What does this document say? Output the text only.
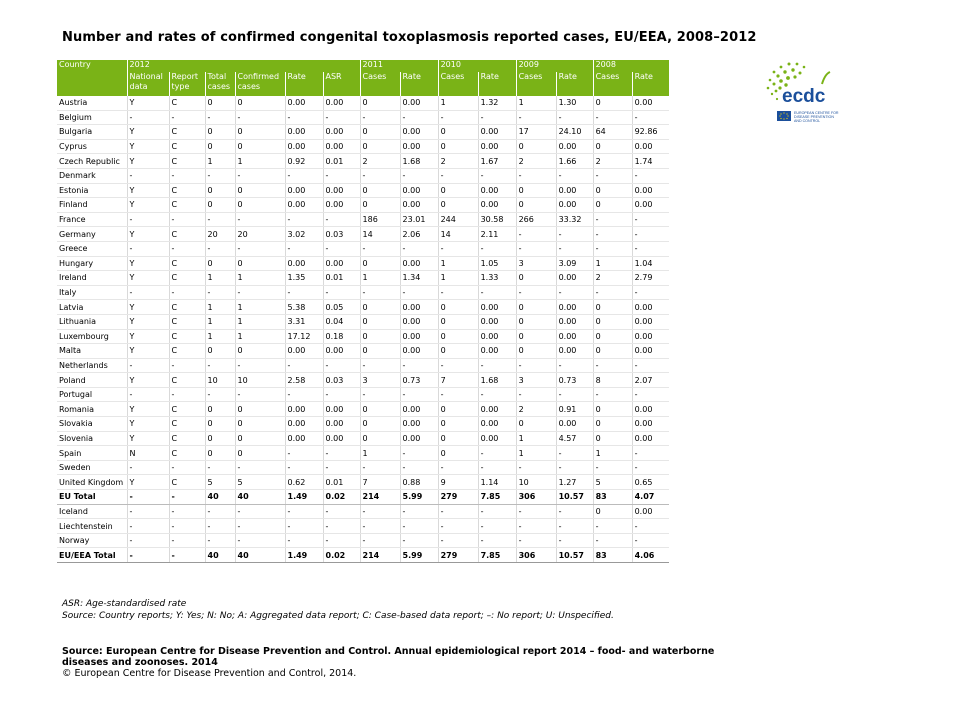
Number and rates of confirmed congenital toxoplasmosis reported cases, EU/EEA, 2008–2012
Country	2012						2011		2010		2009		2008	
	National data	Report type	Total cases	Confirmed cases	Rate	ASR	Cases	Rate	Cases	Rate	Cases	Rate	Cases	Rate
Austria	Y	C	0	0	0.00	0.00	0	0.00	1	1.32	1	1.30	0	0.00
Belgium	-	-	-	-	-	-	-	-	-	-	-	-	-	-
Bulgaria	Y	C	0	0	0.00	0.00	0	0.00	0	0.00	17	24.10	64	92.86
Cyprus	Y	C	0	0	0.00	0.00	0	0.00	0	0.00	0	0.00	0	0.00
Czech Republic	Y	C	1	1	0.92	0.01	2	1.68	2	1.67	2	1.66	2	1.74
Denmark	-	-	-	-	-	-	-	-	-	-	-	-	-	-
Estonia	Y	C	0	0	0.00	0.00	0	0.00	0	0.00	0	0.00	0	0.00
Finland	Y	C	0	0	0.00	0.00	0	0.00	0	0.00	0	0.00	0	0.00
France	-	-	-	-	-	-	186	23.01	244	30.58	266	33.32	-	-
Germany	Y	C	20	20	3.02	0.03	14	2.06	14	2.11	-	-	-	-
Greece	-	-	-	-	-	-	-	-	-	-	-	-	-	-
Hungary	Y	C	0	0	0.00	0.00	0	0.00	1	1.05	3	3.09	1	1.04
Ireland	Y	C	1	1	1.35	0.01	1	1.34	1	1.33	0	0.00	2	2.79
Italy	-	-	-	-	-	-	-	-	-	-	-	-	-	-
Latvia	Y	C	1	1	5.38	0.05	0	0.00	0	0.00	0	0.00	0	0.00
Lithuania	Y	C	1	1	3.31	0.04	0	0.00	0	0.00	0	0.00	0	0.00
Luxembourg	Y	C	1	1	17.12	0.18	0	0.00	0	0.00	0	0.00	0	0.00
Malta	Y	C	0	0	0.00	0.00	0	0.00	0	0.00	0	0.00	0	0.00
Netherlands	-	-	-	-	-	-	-	-	-	-	-	-	-	-
Poland	Y	C	10	10	2.58	0.03	3	0.73	7	1.68	3	0.73	8	2.07
Portugal	-	-	-	-	-	-	-	-	-	-	-	-	-	-
Romania	Y	C	0	0	0.00	0.00	0	0.00	0	0.00	2	0.91	0	0.00
Slovakia	Y	C	0	0	0.00	0.00	0	0.00	0	0.00	0	0.00	0	0.00
Slovenia	Y	C	0	0	0.00	0.00	0	0.00	0	0.00	1	4.57	0	0.00
Spain	N	C	0	0	-	-	1	-	0	-	1	-	1	-
Sweden	-	-	-	-	-	-	-	-	-	-	-	-	-	-
United Kingdom	Y	C	5	5	0.62	0.01	7	0.88	9	1.14	10	1.27	5	0.65
EU Total	-	-	40	40	1.49	0.02	214	5.99	279	7.85	306	10.57	83	4.07
Iceland	-	-	-	-	-	-	-	-	-	-	-	-	0	0.00
Liechtenstein	-	-	-	-	-	-	-	-	-	-	-	-	-	-
Norway	-	-	-	-	-	-	-	-	-	-	-	-	-	-
EU/EEA Total	-	-	40	40	1.49	0.02	214	5.99	279	7.85	306	10.57	83	4.06
ecdc
EUROPEAN CENTRE FOR
DISEASE PREVENTION
AND CONTROL
ASR: Age-standardised rate
Source: Country reports; Y: Yes; N: No; A: Aggregated data report; C: Case-based data report; –: No report; U: Unspecified.
Source: European Centre for Disease Prevention and Control. Annual epidemiological report 2014 – food- and waterborne diseases and zoonoses. 2014
© European Centre for Disease Prevention and Control, 2014.
